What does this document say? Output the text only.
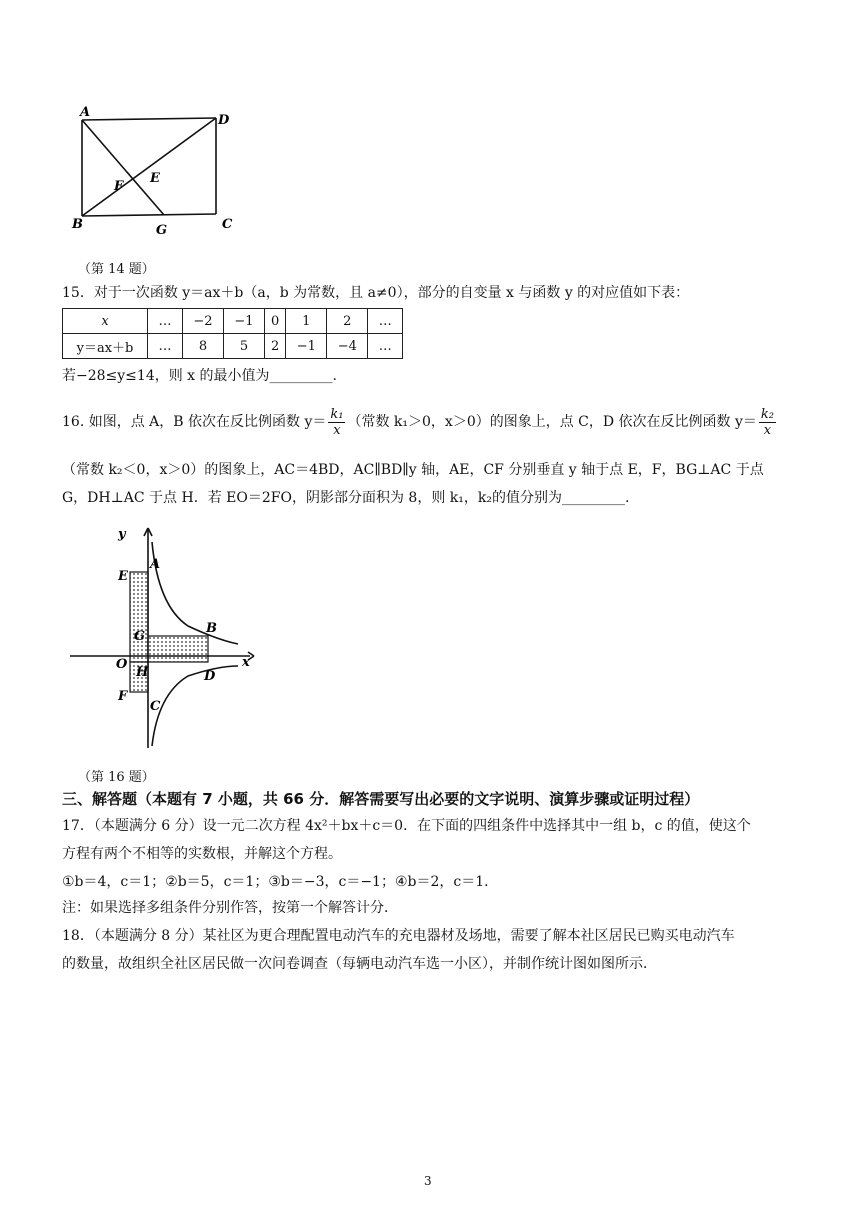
A
D
E
F
B	C
G
（第 14 题）
15．对于一次函数 y＝ax＋b（a，b 为常数，且 a≠0），部分的自变量 x 与函数 y 的对应值如下表：
x	…	−2	−1	0	1	2	…
y＝ax＋b	…	8	5	2	−1	−4	…
若−28≤y≤14，则 x 的最小值为_________.
16. 如图，点 A，B 依次在反比例函数 $y= \frac{\text{k₁}}{x}$ （常数 k₁＞0，x＞0）的图象上，点 C，D 依次在反比例函数 $y= \frac{\text{k₂}}{x}$
（常数 k₂＜0，x＞0）的图象上，AC＝4BD，AC∥BD∥y 轴，AE，CF 分别垂直 y 轴于点 E，F，BG⊥AC 于点
G，DH⊥AC 于点 H．若 EO＝2FO，阴影部分面积为 8，则 k₁，k₂的值分别为_________.
y
x
E
A
G
B
O
H	D
F
C
（第 16 题）
三、解答题（本题有 7 小题，共 66 分．解答需要写出必要的文字说明、演算步骤或证明过程）
17．（本题满分 6 分）设一元二次方程 4x²＋bx＋c＝0．在下面的四组条件中选择其中一组 b，c 的值，使这个
方程有两个不相等的实数根，并解这个方程。
①b＝4，c＝1；②b＝5，c＝1；③b＝−3，c＝−1；④b＝2，c＝1．
注：如果选择多组条件分别作答，按第一个解答计分．
18．（本题满分 8 分）某社区为更合理配置电动汽车的充电器材及场地，需要了解本社区居民已购买电动汽车
的数量，故组织全社区居民做一次问卷调查（每辆电动汽车选一小区），并制作统计图如图所示．
3
